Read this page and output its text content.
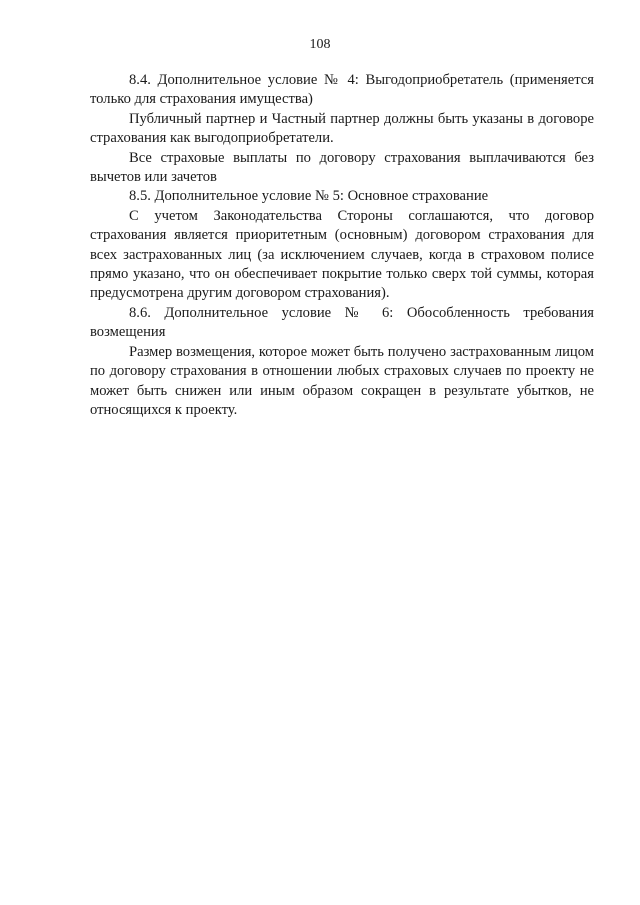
108

8.4. Дополнительное условие № 4: Выгодоприобретатель (применяется только для страхования имущества)

Публичный партнер и Частный партнер должны быть указаны в договоре страхования как выгодоприобретатели.

Все страховые выплаты по договору страхования выплачиваются без вычетов или зачетов

8.5. Дополнительное условие № 5: Основное страхование

С учетом Законодательства Стороны соглашаются, что договор страхования является приоритетным (основным) договором страхования для всех застрахованных лиц (за исключением случаев, когда в страховом полисе прямо указано, что он обеспечивает покрытие только сверх той суммы, которая предусмотрена другим договором страхования).

8.6. Дополнительное условие № 6: Обособленность требования возмещения

Размер возмещения, которое может быть получено застрахованным лицом по договору страхования в отношении любых страховых случаев по проекту не может быть снижен или иным образом сокращен в результате убытков, не относящихся к проекту.
